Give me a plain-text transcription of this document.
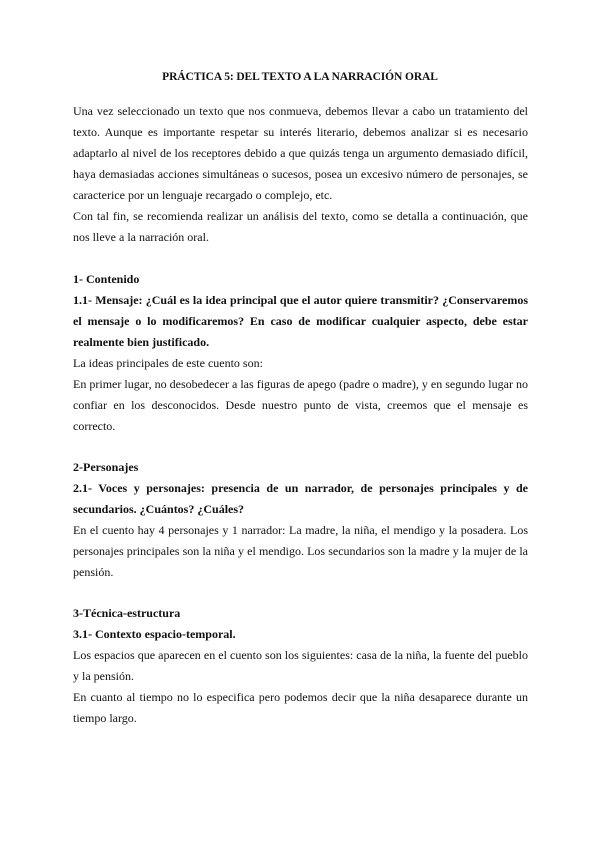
PRÁCTICA 5: DEL TEXTO A LA NARRACIÓN ORAL

Una vez seleccionado un texto que nos conmueva, debemos llevar a cabo un tratamiento del texto. Aunque es importante respetar su interés literario, debemos analizar si es necesario adaptarlo al nivel de los receptores debido a que quizás tenga un argumento demasiado difícil, haya demasiadas acciones simultáneas o sucesos, posea un excesivo número de personajes, se caracterice por un lenguaje recargado o complejo, etc.

Con tal fin, se recomienda realizar un análisis del texto, como se detalla a continuación, que nos lleve a la narración oral.

1- Contenido

1.1- Mensaje: ¿Cuál es la idea principal que el autor quiere transmitir? ¿Conservaremos el mensaje o lo modificaremos? En caso de modificar cualquier aspecto, debe estar realmente bien justificado.

La ideas principales de este cuento son:

En primer lugar, no desobedecer a las figuras de apego (padre o madre), y en segundo lugar no confiar en los desconocidos. Desde nuestro punto de vista, creemos que el mensaje es correcto.

2-Personajes

2.1- Voces y personajes: presencia de un narrador, de personajes principales y de secundarios. ¿Cuántos? ¿Cuáles?

En el cuento hay 4 personajes y 1 narrador: La madre, la niña, el mendigo y la posadera. Los personajes principales son la niña y el mendigo. Los secundarios son la madre y la mujer de la pensión.

3-Técnica-estructura

3.1- Contexto espacio-temporal.

Los espacios que aparecen en el cuento son los siguientes: casa de la niña, la fuente del pueblo y la pensión.

En cuanto al tiempo no lo especifica pero podemos decir que la niña desaparece durante un tiempo largo.
